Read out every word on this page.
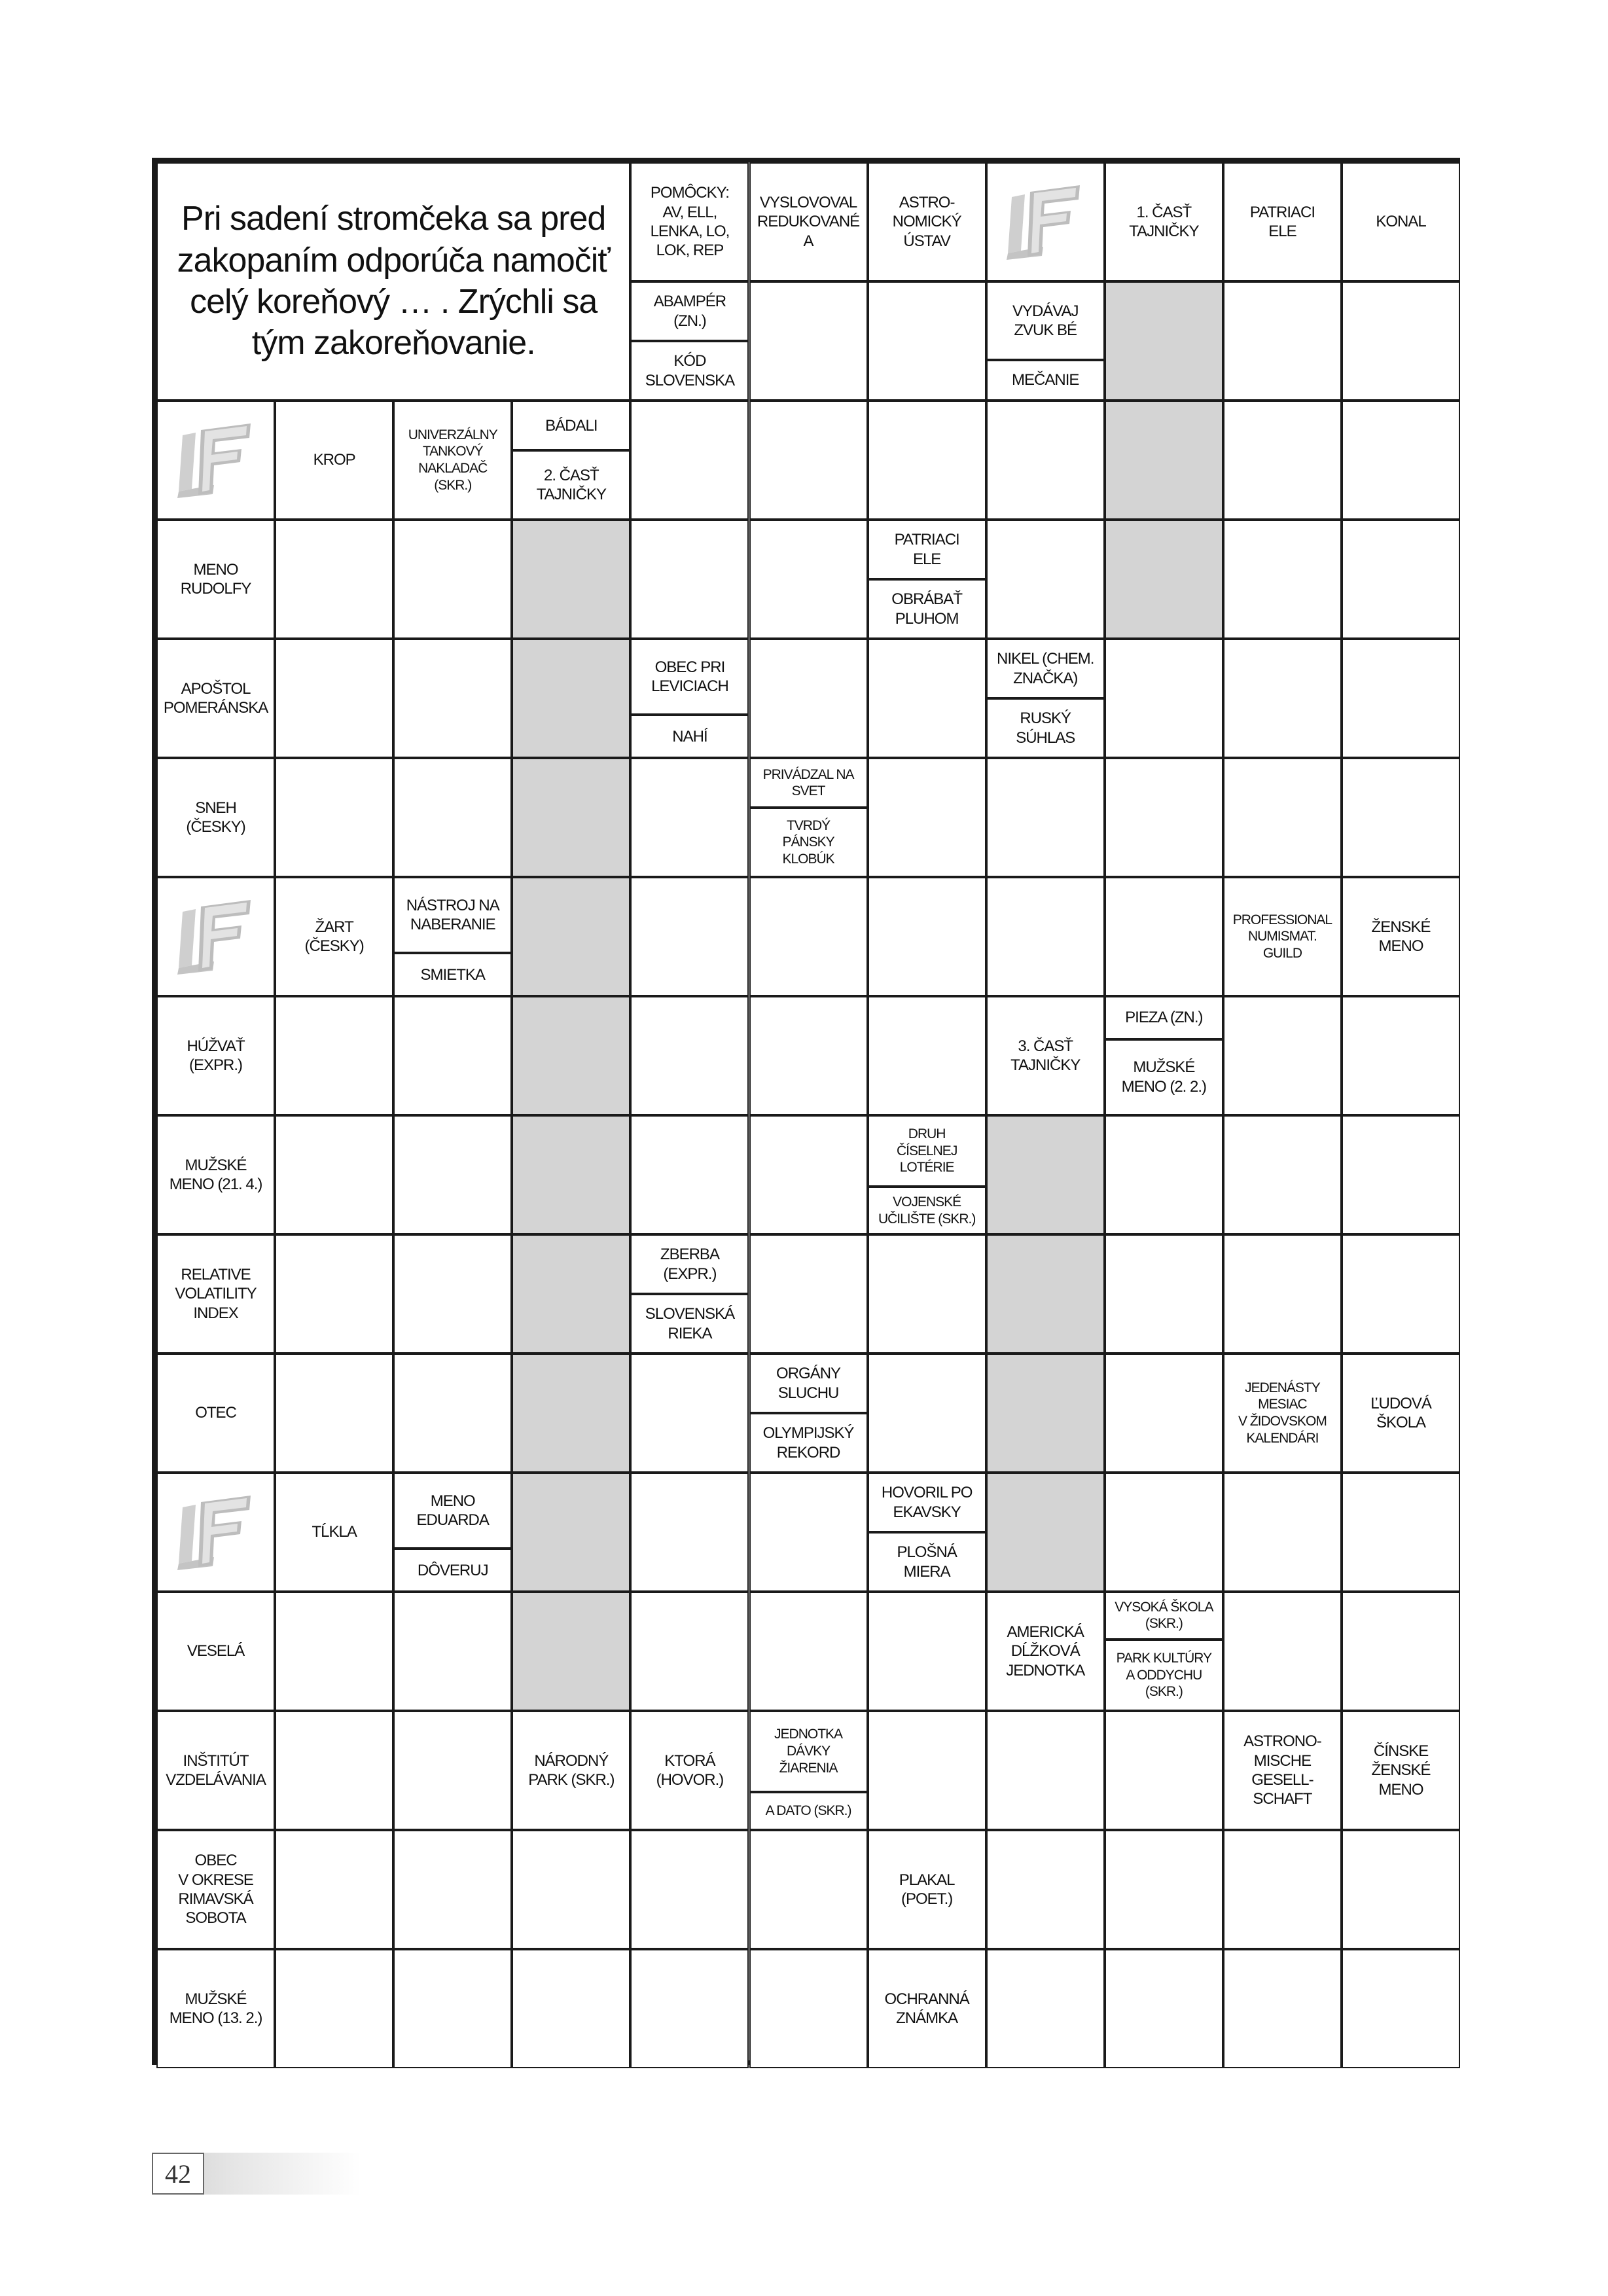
Pri sadení stromčeka sa pred zakopaním odporúča namočiť celý koreňový … . Zrýchli sa tým zakoreňovanie.
POMÔCKY:
AV, ELL,
LENKA, LO,
LOK, REP
VYSLOVOVAL
REDUKOVANÉ
A
ASTRO-
NOMICKÝ
ÚSTAV
1. ČASŤ
TAJNIČKY
PATRIACI
ELE
KONAL
ABAMPÉR
(ZN.)
KÓD
SLOVENSKA
VYDÁVAJ
ZVUK BÉ
MEČANIE
KROP
UNIVERZÁLNY
TANKOVÝ
NAKLADAČ
(SKR.)
BÁDALI
2. ČASŤ
TAJNIČKY
MENO
RUDOLFY
PATRIACI
ELE
OBRÁBAŤ
PLUHOM
APOŠTOL
POMERÁNSKA
OBEC PRI
LEVICIACH
NAHÍ
NIKEL (CHEM.
ZNAČKA)
RUSKÝ
SÚHLAS
SNEH
(ČESKY)
PRIVÁDZAL NA
SVET
TVRDÝ
PÁNSKY
KLOBÚK
ŽART
(ČESKY)
NÁSTROJ NA
NABERANIE
SMIETKA
PROFESSIONAL
NUMISMAT.
GUILD
ŽENSKÉ
MENO
HÚŽVAŤ
(EXPR.)
3. ČASŤ
TAJNIČKY
PIEZA (ZN.)
MUŽSKÉ
MENO (2. 2.)
MUŽSKÉ
MENO (21. 4.)
DRUH
ČÍSELNEJ
LOTÉRIE
VOJENSKÉ
UČILIŠTE (SKR.)
RELATIVE
VOLATILITY
INDEX
ZBERBA
(EXPR.)
SLOVENSKÁ
RIEKA
OTEC
ORGÁNY
SLUCHU
OLYMPIJSKÝ
REKORD
JEDENÁSTY
MESIAC
V ŽIDOVSKOM
KALENDÁRI
ĽUDOVÁ
ŠKOLA
TĹKLA
MENO
EDUARDA
DÔVERUJ
HOVORIL PO
EKAVSKY
PLOŠNÁ
MIERA
VESELÁ
AMERICKÁ
DĹŽKOVÁ
JEDNOTKA
VYSOKÁ ŠKOLA
(SKR.)
PARK KULTÚRY
A ODDYCHU
(SKR.)
INŠTITÚT
VZDELÁVANIA
NÁRODNÝ
PARK (SKR.)
KTORÁ
(HOVOR.)
JEDNOTKA
DÁVKY
ŽIARENIA
A DATO (SKR.)
ASTRONO-
MISCHE
GESELL-
SCHAFT
ČÍNSKE
ŽENSKÉ
MENO
OBEC
V OKRESE
RIMAVSKÁ
SOBOTA
PLAKAL
(POET.)
MUŽSKÉ
MENO (13. 2.)
OCHRANNÁ
ZNÁMKA
42
